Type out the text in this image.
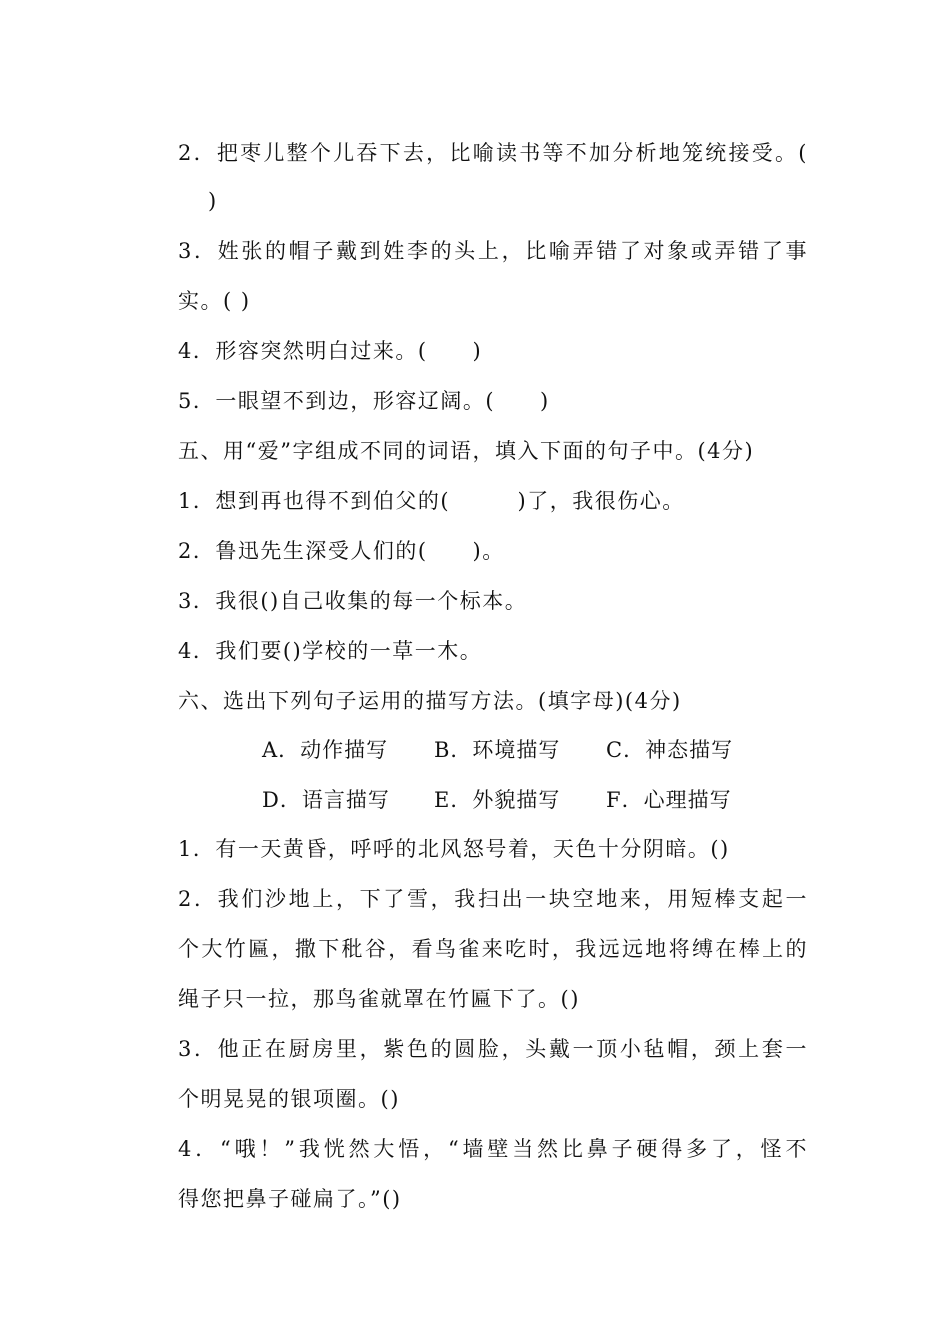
2．把枣儿整个儿吞下去，比喻读书等不加分析地笼统接受。(
)
3．姓张的帽子戴到姓李的头上，比喻弄错了对象或弄错了事
实。( )
4．形容突然明白过来。(　　)
5．一眼望不到边，形容辽阔。(　　)
五、用“爱”字组成不同的词语，填入下面的句子中。(4分)
1．想到再也得不到伯父的(　　　)了，我很伤心。
2．鲁迅先生深受人们的(　　)。
3．我很()自己收集的每一个标本。
4．我们要()学校的一草一木。
六、选出下列句子运用的描写方法。(填字母)(4分)
A．动作描写 B．环境描写 C．神态描写
D．语言描写 E．外貌描写 F．心理描写
1．有一天黄昏，呼呼的北风怒号着，天色十分阴暗。()
2．我们沙地上，下了雪，我扫出一块空地来，用短棒支起一
个大竹匾，撒下秕谷，看鸟雀来吃时，我远远地将缚在棒上的
绳子只一拉，那鸟雀就罩在竹匾下了。()
3．他正在厨房里，紫色的圆脸，头戴一顶小毡帽，颈上套一
个明晃晃的银项圈。()
4．“哦！”我恍然大悟，“墙壁当然比鼻子硬得多了，怪不
得您把鼻子碰扁了。”()
